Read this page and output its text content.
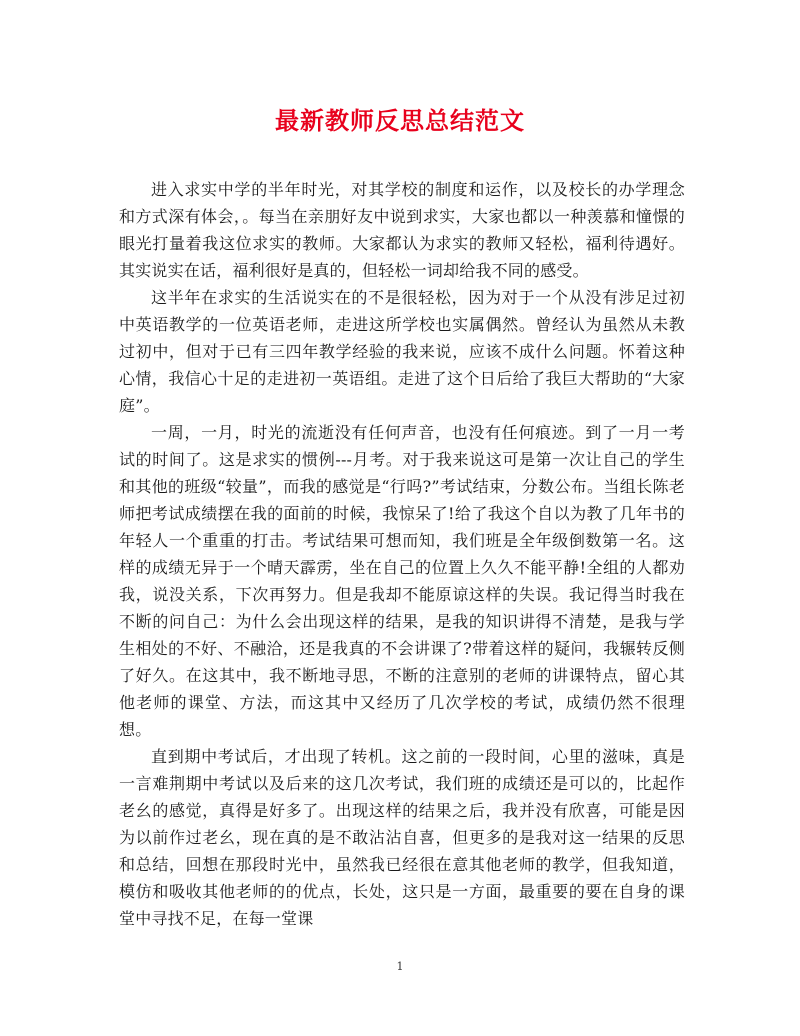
最新教师反思总结范文

进入求实中学的半年时光，对其学校的制度和运作，以及校长的办学理念和方式深有体会，。每当在亲朋好友中说到求实，大家也都以一种羡慕和憧憬的眼光打量着我这位求实的教师。大家都认为求实的教师又轻松，福利待遇好。其实说实在话，福利很好是真的，但轻松一词却给我不同的感受。

这半年在求实的生活说实在的不是很轻松，因为对于一个从没有涉足过初中英语教学的一位英语老师，走进这所学校也实属偶然。曾经认为虽然从未教过初中，但对于已有三四年教学经验的我来说，应该不成什么问题。怀着这种心情，我信心十足的走进初一英语组。走进了这个日后给了我巨大帮助的“大家庭”。

一周，一月，时光的流逝没有任何声音，也没有任何痕迹。到了一月一考试的时间了。这是求实的惯例---月考。对于我来说这可是第一次让自己的学生和其他的班级“较量”，而我的感觉是“行吗?”考试结束，分数公布。当组长陈老师把考试成绩摆在我的面前的时候，我惊呆了!给了我这个自以为教了几年书的年轻人一个重重的打击。考试结果可想而知，我们班是全年级倒数第一名。这样的成绩无异于一个晴天霹雳，坐在自己的位置上久久不能平静!全组的人都劝我，说没关系，下次再努力。但是我却不能原谅这样的失误。我记得当时我在不断的问自己：为什么会出现这样的结果，是我的知识讲得不清楚，是我与学生相处的不好、不融洽，还是我真的不会讲课了?带着这样的疑问，我辗转反侧了好久。在这其中，我不断地寻思，不断的注意别的老师的讲课特点，留心其他老师的课堂、方法，而这其中又经历了几次学校的考试，成绩仍然不很理想。

直到期中考试后，才出现了转机。这之前的一段时间，心里的滋味，真是一言难荆期中考试以及后来的这几次考试，我们班的成绩还是可以的，比起作老幺的感觉，真得是好多了。出现这样的结果之后，我并没有欣喜，可能是因为以前作过老幺，现在真的是不敢沾沾自喜，但更多的是我对这一结果的反思和总结，回想在那段时光中，虽然我已经很在意其他老师的教学，但我知道，模仿和吸收其他老师的的优点，长处，这只是一方面，最重要的要在自身的课堂中寻找不足，在每一堂课

1
